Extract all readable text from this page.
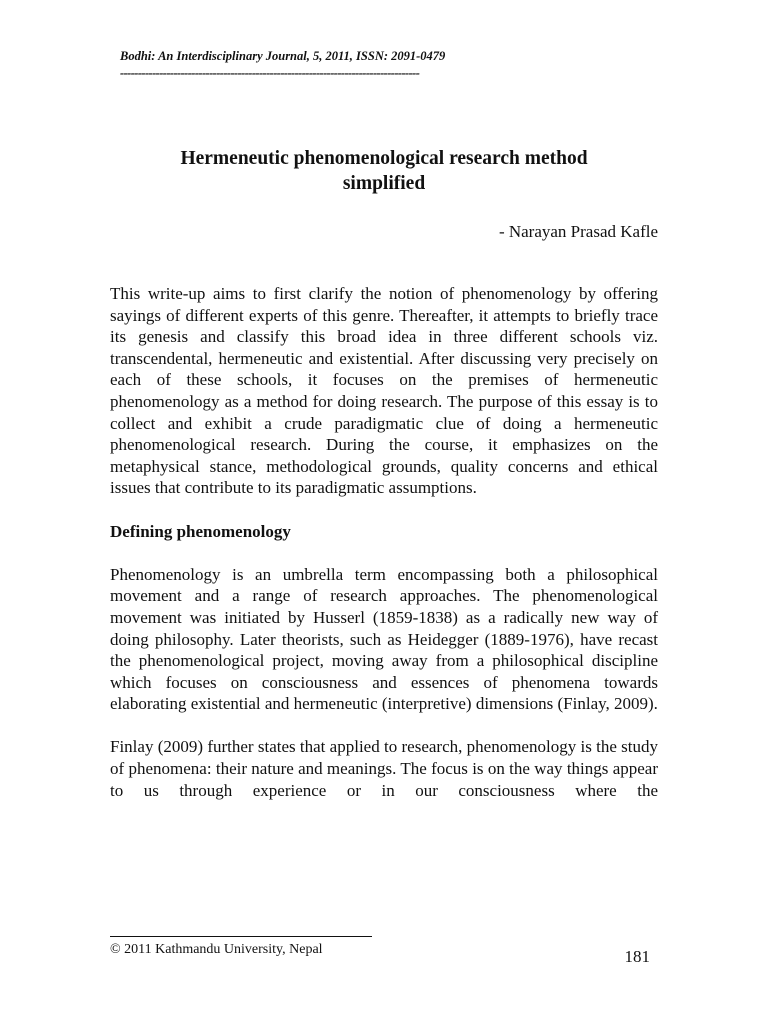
Bodhi: An Interdisciplinary Journal, 5, 2011, ISSN: 2091-0479
------------------------------------------------------------------------------------
Hermeneutic phenomenological research method
simplified
- Narayan Prasad Kafle

This write-up aims to first clarify the notion of phenomenology by offering sayings of different experts of this genre. Thereafter, it attempts to briefly trace its genesis and classify this broad idea in three different schools viz. transcendental, hermeneutic and existential. After discussing very precisely on each of these schools, it focuses on the premises of hermeneutic phenomenology as a method for doing research. The purpose of this essay is to collect and exhibit a crude paradigmatic clue of doing a hermeneutic phenomenological research. During the course, it emphasizes on the metaphysical stance, methodological grounds, quality concerns and ethical issues that contribute to its paradigmatic assumptions.

Defining phenomenology

Phenomenology is an umbrella term encompassing both a philosophical movement and a range of research approaches. The phenomenological movement was initiated by Husserl (1859-1838) as a radically new way of doing philosophy. Later theorists, such as Heidegger (1889-1976), have recast the phenomenological project, moving away from a philosophical discipline which focuses on consciousness and essences of phenomena towards elaborating existential and hermeneutic (interpretive) dimensions (Finlay, 2009).

Finlay (2009) further states that applied to research, phenomenology is the study of phenomena: their nature and meanings. The focus is on the way things appear to us through experience or in our consciousness where the

© 2011 Kathmandu University, Nepal	181
